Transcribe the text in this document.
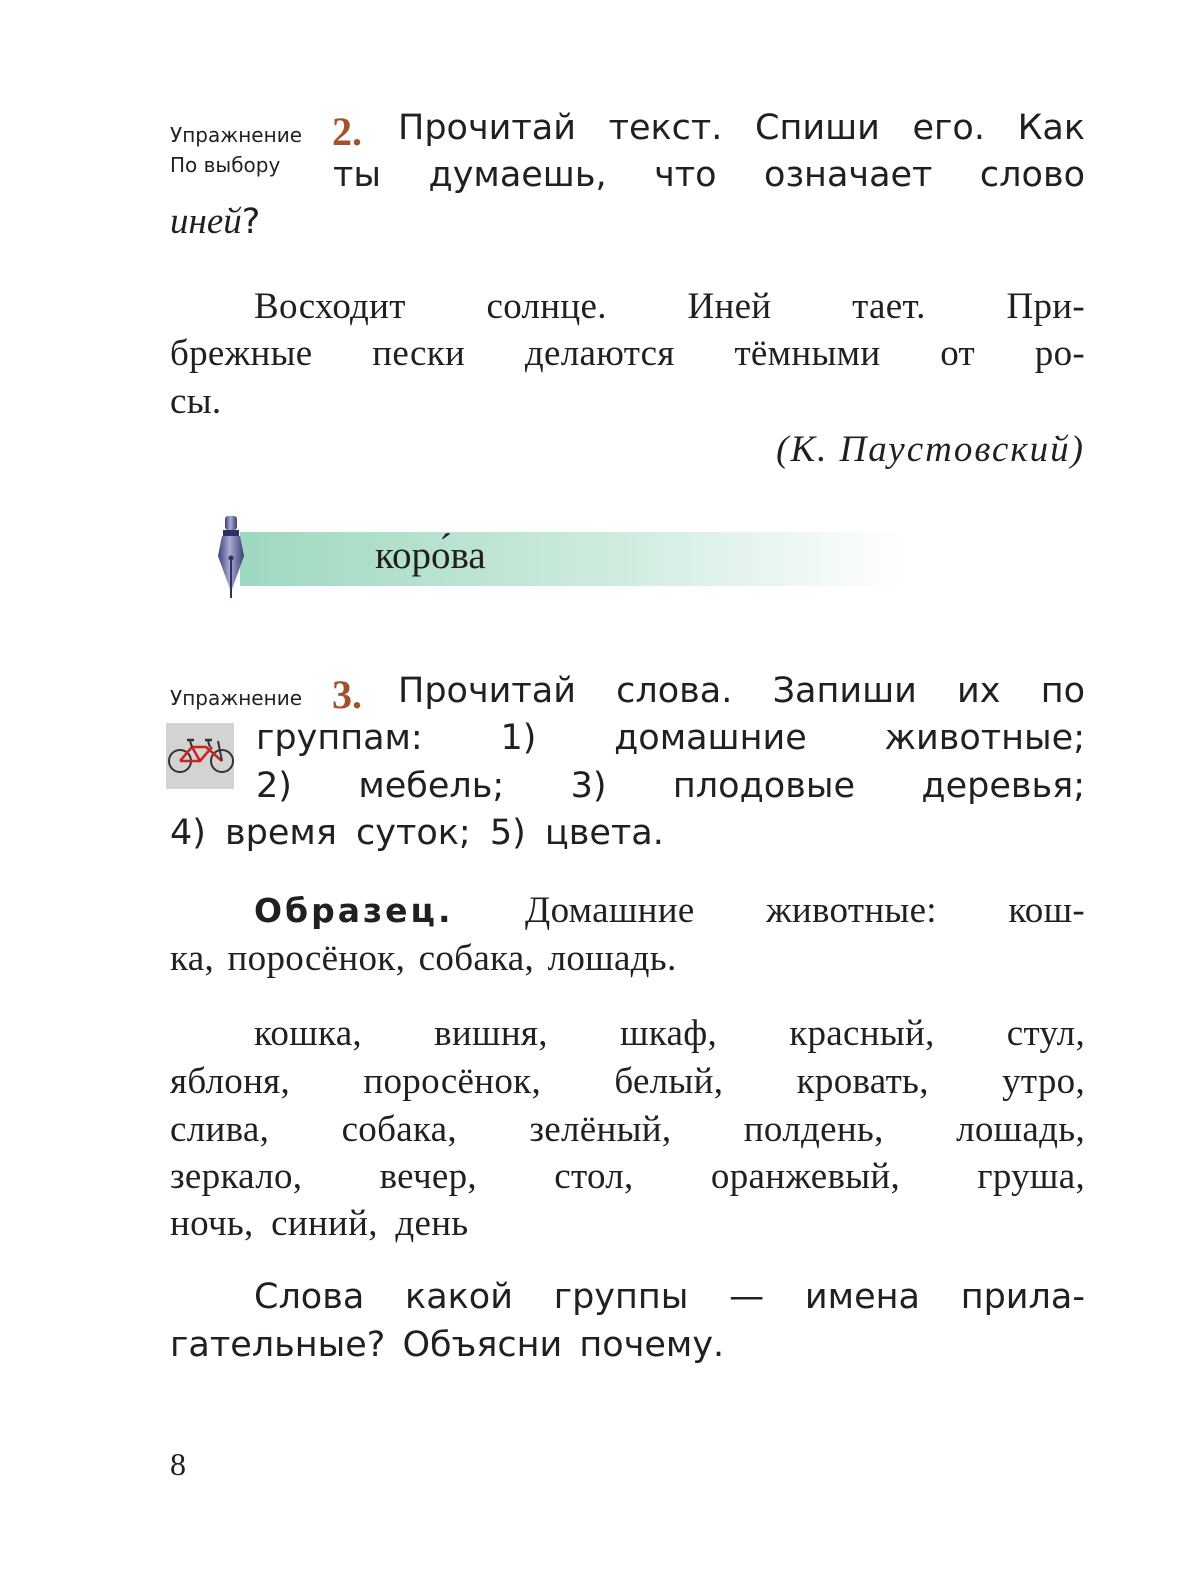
Упражнение
По выбору
2. Прочитай текст. Спиши его. Как
ты думаешь, что означает слово
иней?
Восходит солнце. Иней тает. При-
брежные пески делаются тёмными от ро-
сы.
(К. Паустовский)
коро́ва
Упражнение 3. Прочитай слова. Запиши их по
группам: 1) домашние животные;
2) мебель; 3) плодовые деревья;
4) время суток; 5) цвета.
Образец. Домашние животные: кош-
ка, поросёнок, собака, лошадь.
кошка, вишня, шкаф, красный, стул,
яблоня, поросёнок, белый, кровать, утро,
слива, собака, зелёный, полдень, лошадь,
зеркало, вечер, стол, оранжевый, груша,
ночь, синий, день
Слова какой группы — имена прила-
гательные? Объясни почему.
8
